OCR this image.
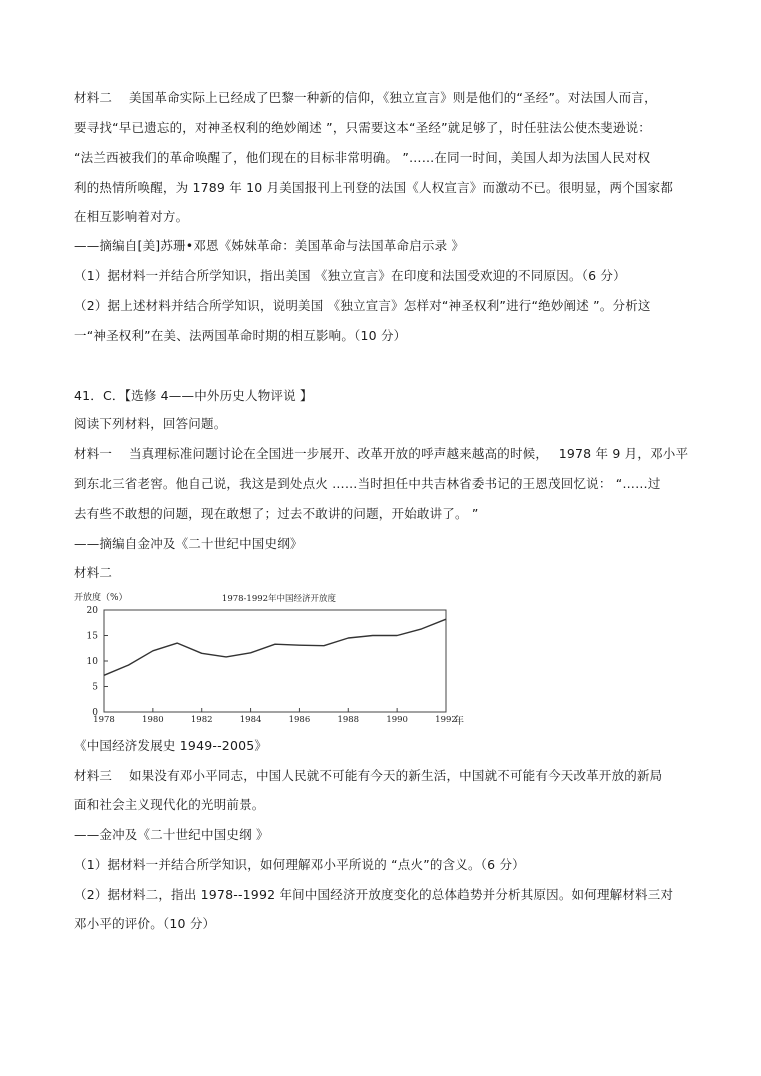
材料二　 美国革命实际上已经成了巴黎一种新的信仰，《独立宣言》则是他们的“圣经”。对法国人而言，
要寻找“早已遗忘的，对神圣权利的绝妙阐述 ”，只需要这本“圣经”就足够了，时任驻法公使杰斐逊说：
“法兰西被我们的革命唤醒了，他们现在的目标非常明确。 ”……在同一时间，美国人却为法国人民对权
利的热情所唤醒，为 1789 年 10 月美国报刊上刊登的法国《人权宣言》而激动不已。很明显，两个国家都
在相互影响着对方。
——摘编自[美]苏珊•邓恩《姊妹革命：美国革命与法国革命启示录 》
（1）据材料一并结合所学知识，指出美国 《独立宣言》在印度和法国受欢迎的不同原因。（6 分）
（2）据上述材料并结合所学知识，说明美国 《独立宣言》怎样对“神圣权利”进行“绝妙阐述 ”。分析这
一“神圣权利”在美、法两国革命时期的相互影响。（10 分）
41．C．【选修 4——中外历史人物评说 】
阅读下列材料，回答问题。
材料一　 当真理标准问题讨论在全国进一步展开、改革开放的呼声越来越高的时候，　 1978 年 9 月，邓小平
到东北三省老窖。他自己说，我这是到处点火 ……当时担任中共吉林省委书记的王恩茂回忆说： “……过
去有些不敢想的问题，现在敢想了；过去不敢讲的问题，开始敢讲了。 ”
——摘编自金冲及《二十世纪中国史纲》
材料二
开放度（%）	1978-1992年中国经济开放度
年
0
5
10
15
20
1978	1980	1982	1984	1986	1988	1990	1992
《中国经济发展史 1949--2005》
材料三　 如果没有邓小平同志，中国人民就不可能有今天的新生活，中国就不可能有今天改革开放的新局
面和社会主义现代化的光明前景。
——金冲及《二十世纪中国史纲 》
（1）据材料一并结合所学知识，如何理解邓小平所说的 “点火”的含义。（6 分）
（2）据材料二，指出 1978--1992 年间中国经济开放度变化的总体趋势并分析其原因。如何理解材料三对
邓小平的评价。（10 分）
